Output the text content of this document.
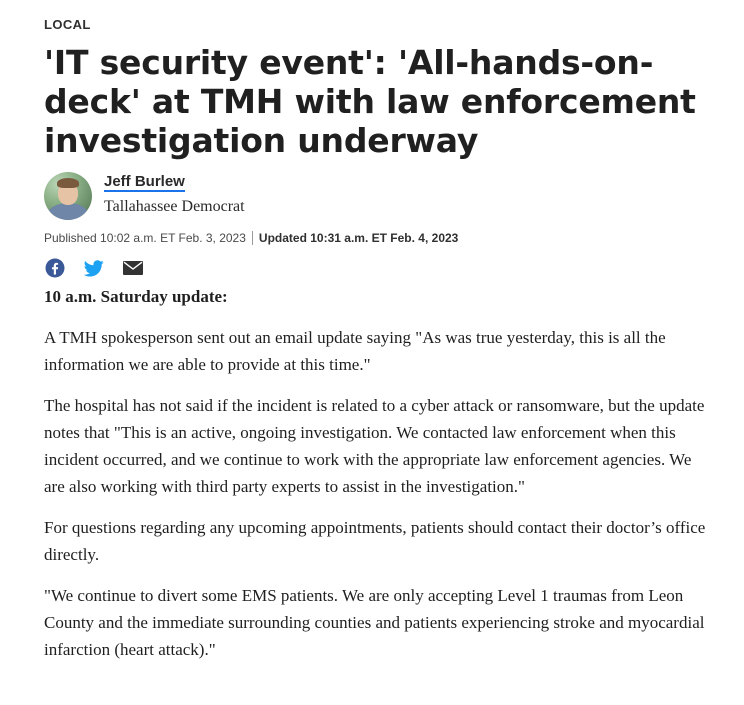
LOCAL
'IT security event': 'All-hands-on-deck' at TMH with law enforcement investigation underway
Jeff Burlew
Tallahassee Democrat
Published 10:02 a.m. ET Feb. 3, 2023 Updated 10:31 a.m. ET Feb. 4, 2023
10 a.m. Saturday update:

A TMH spokesperson sent out an email update saying "As was true yesterday, this is all the information we are able to provide at this time."

The hospital has not said if the incident is related to a cyber attack or ransomware, but the update notes that "This is an active, ongoing investigation. We contacted law enforcement when this incident occurred, and we continue to work with the appropriate law enforcement agencies. We are also working with third party experts to assist in the investigation."

For questions regarding any upcoming appointments, patients should contact their doctor’s office directly.

"We continue to divert some EMS patients. We are only accepting Level 1 traumas from Leon County and the immediate surrounding counties and patients experiencing stroke and myocardial infarction (heart attack)."
